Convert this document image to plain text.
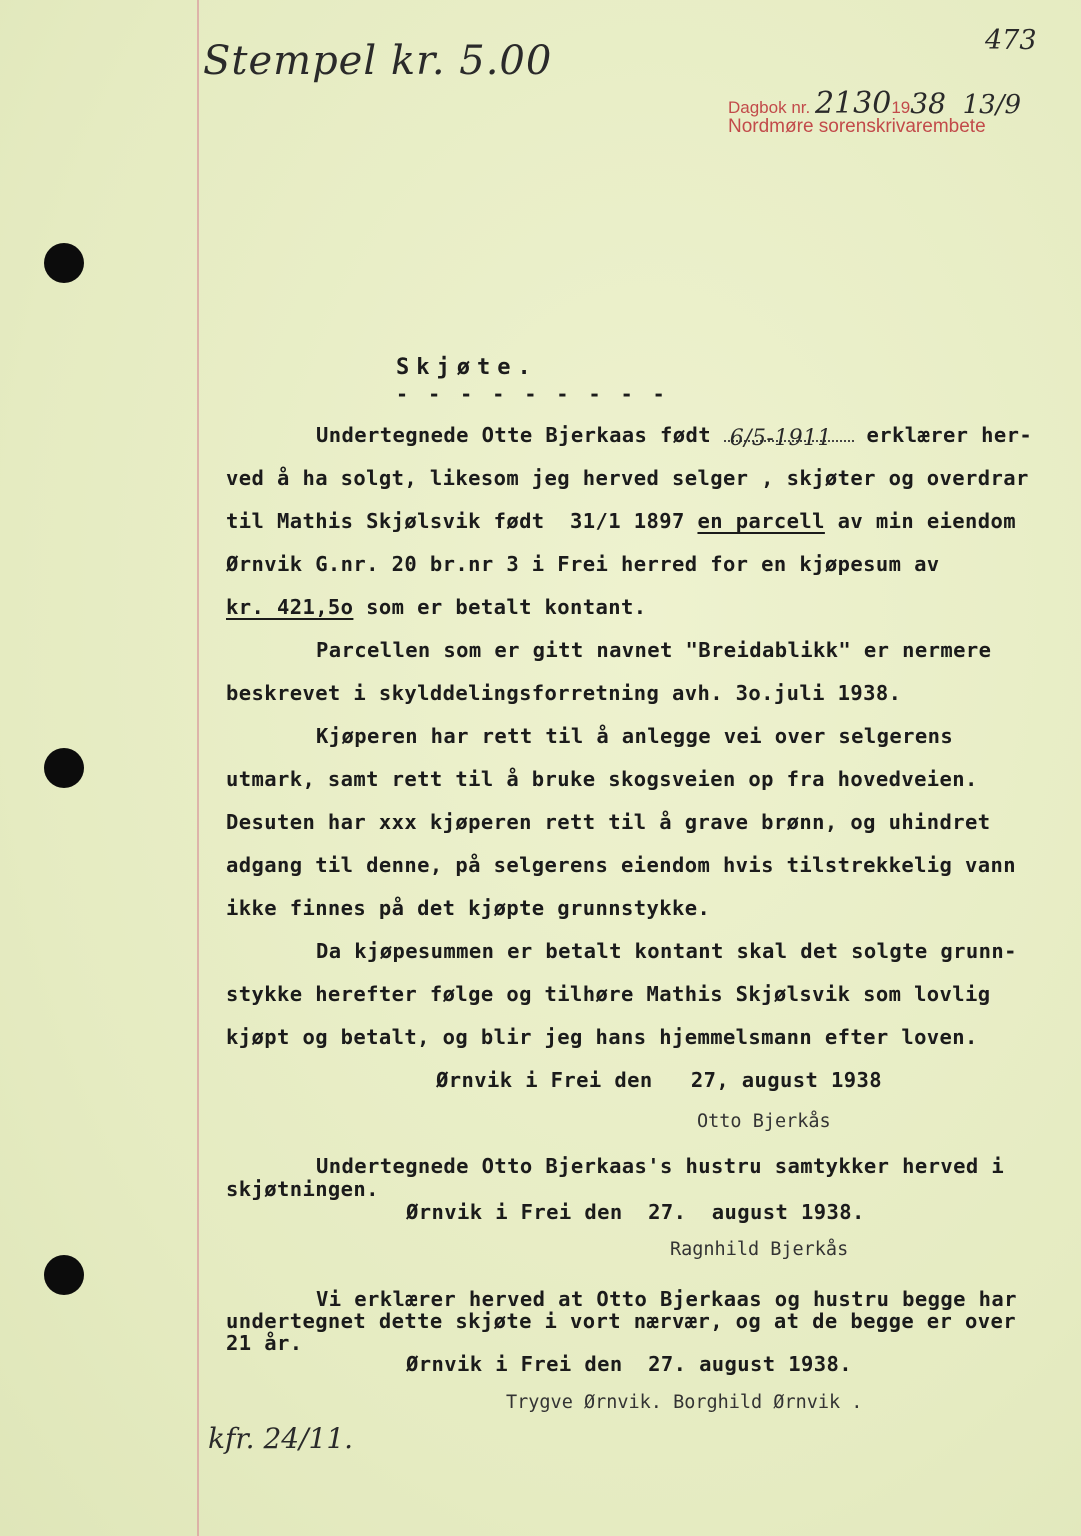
Stempel kr. 5.00	473
Dagbok nr. 21301938 13/9
Nordmøre sorenskrivarembete
Skjøte.
- - - - - - - - -
Undertegnede Otte Bjerkaas født 6/5-1911 erklærer her-
ved å ha solgt, likesom jeg herved selger , skjøter og overdrar
til Mathis Skjølsvik født  31/1 1897 en parcell av min eiendom
Ørnvik G.nr. 20 br.nr 3 i Frei herred for en kjøpesum av
kr. 421,5o som er betalt kontant.
Parcellen som er gitt navnet "Breidablikk" er nermere
beskrevet i skylddelingsforretning avh. 3o.juli 1938.
Kjøperen har rett til å anlegge vei over selgerens
utmark, samt rett til å bruke skogsveien op fra hovedveien.
Desuten har xxx kjøperen rett til å grave brønn, og uhindret
adgang til denne, på selgerens eiendom hvis tilstrekkelig vann
ikke finnes på det kjøpte grunnstykke.
Da kjøpesummen er betalt kontant skal det solgte grunn-
stykke herefter følge og tilhøre Mathis Skjølsvik som lovlig
kjøpt og betalt, og blir jeg hans hjemmelsmann efter loven.
Ørnvik i Frei den   27, august 1938
Otto Bjerkås
Undertegnede Otto Bjerkaas's hustru samtykker herved i
skjøtningen.
Ørnvik i Frei den  27.  august 1938.
Ragnhild Bjerkås
Vi erklærer herved at Otto Bjerkaas og hustru begge har
undertegnet dette skjøte i vort nærvær, og at de begge er over
21 år.
Ørnvik i Frei den  27. august 1938.
Trygve Ørnvik. Borghild Ørnvik .
kfr. 24/11.
